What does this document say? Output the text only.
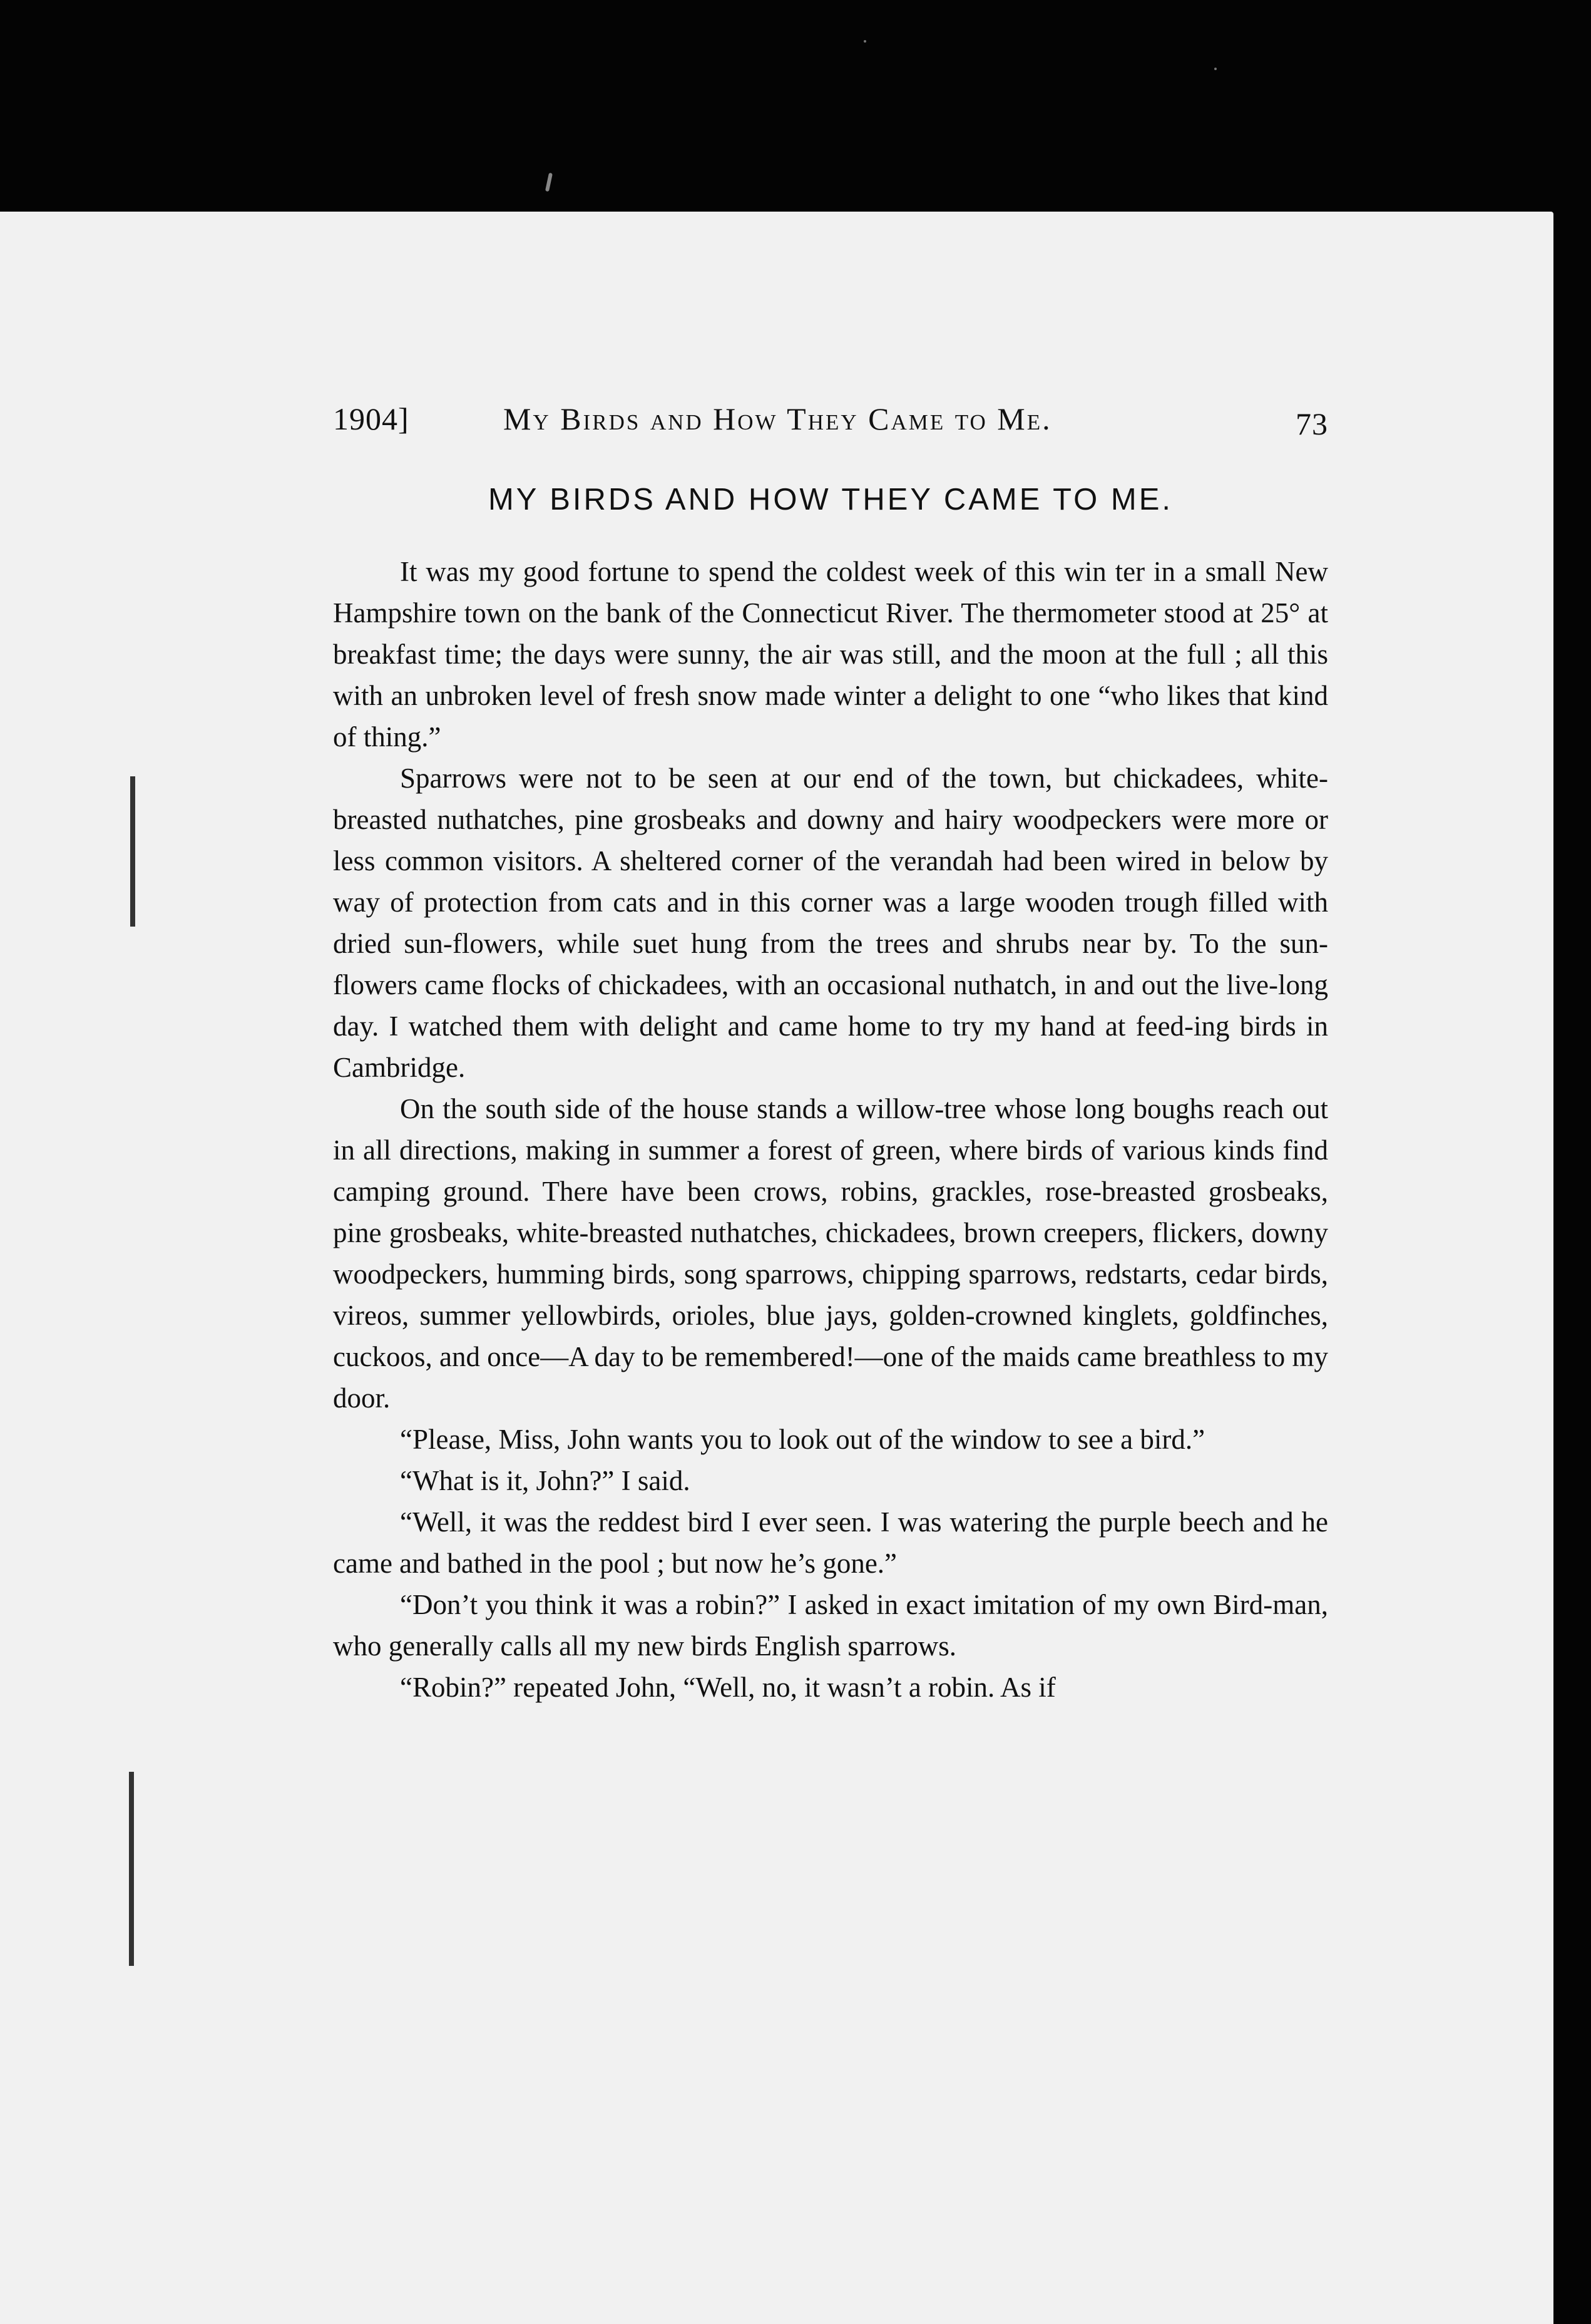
1904]	My Birds and How They Came to Me.	73
MY BIRDS AND HOW THEY CAME TO ME.

It was my good fortune to spend the coldest week of this win ter in a small New Hampshire town on the bank of the Connecticut River. The thermometer stood at 25° at breakfast time; the days were sunny, the air was still, and the moon at the full ; all this with an unbroken level of fresh snow made winter a delight to one “who likes that kind of thing.”

Sparrows were not to be seen at our end of the town, but chickadees, white-breasted nuthatches, pine grosbeaks and downy and hairy woodpeckers were more or less common visitors. A sheltered corner of the verandah had been wired in below by way of protection from cats and in this corner was a large wooden trough filled with dried sun-flowers, while suet hung from the trees and shrubs near by. To the sun-flowers came flocks of chickadees, with an occasional nuthatch, in and out the live-long day. I watched them with delight and came home to try my hand at feed-ing birds in Cambridge.

On the south side of the house stands a willow-tree whose long boughs reach out in all directions, making in summer a forest of green, where birds of various kinds find camping ground. There have been crows, robins, grackles, rose-breasted grosbeaks, pine grosbeaks, white-breasted nuthatches, chickadees, brown creepers, flickers, downy woodpeckers, humming birds, song sparrows, chipping sparrows, redstarts, cedar birds, vireos, summer yellowbirds, orioles, blue jays, golden-crowned kinglets, goldfinches, cuckoos, and once—A day to be remembered!—one of the maids came breathless to my door.

“Please, Miss, John wants you to look out of the window to see a bird.”

“What is it, John?” I said.

“Well, it was the reddest bird I ever seen. I was watering the purple beech and he came and bathed in the pool ; but now he’s gone.”

“Don’t you think it was a robin?” I asked in exact imitation of my own Bird-man, who generally calls all my new birds English sparrows.

“Robin?” repeated John, “Well, no, it wasn’t a robin. As if
